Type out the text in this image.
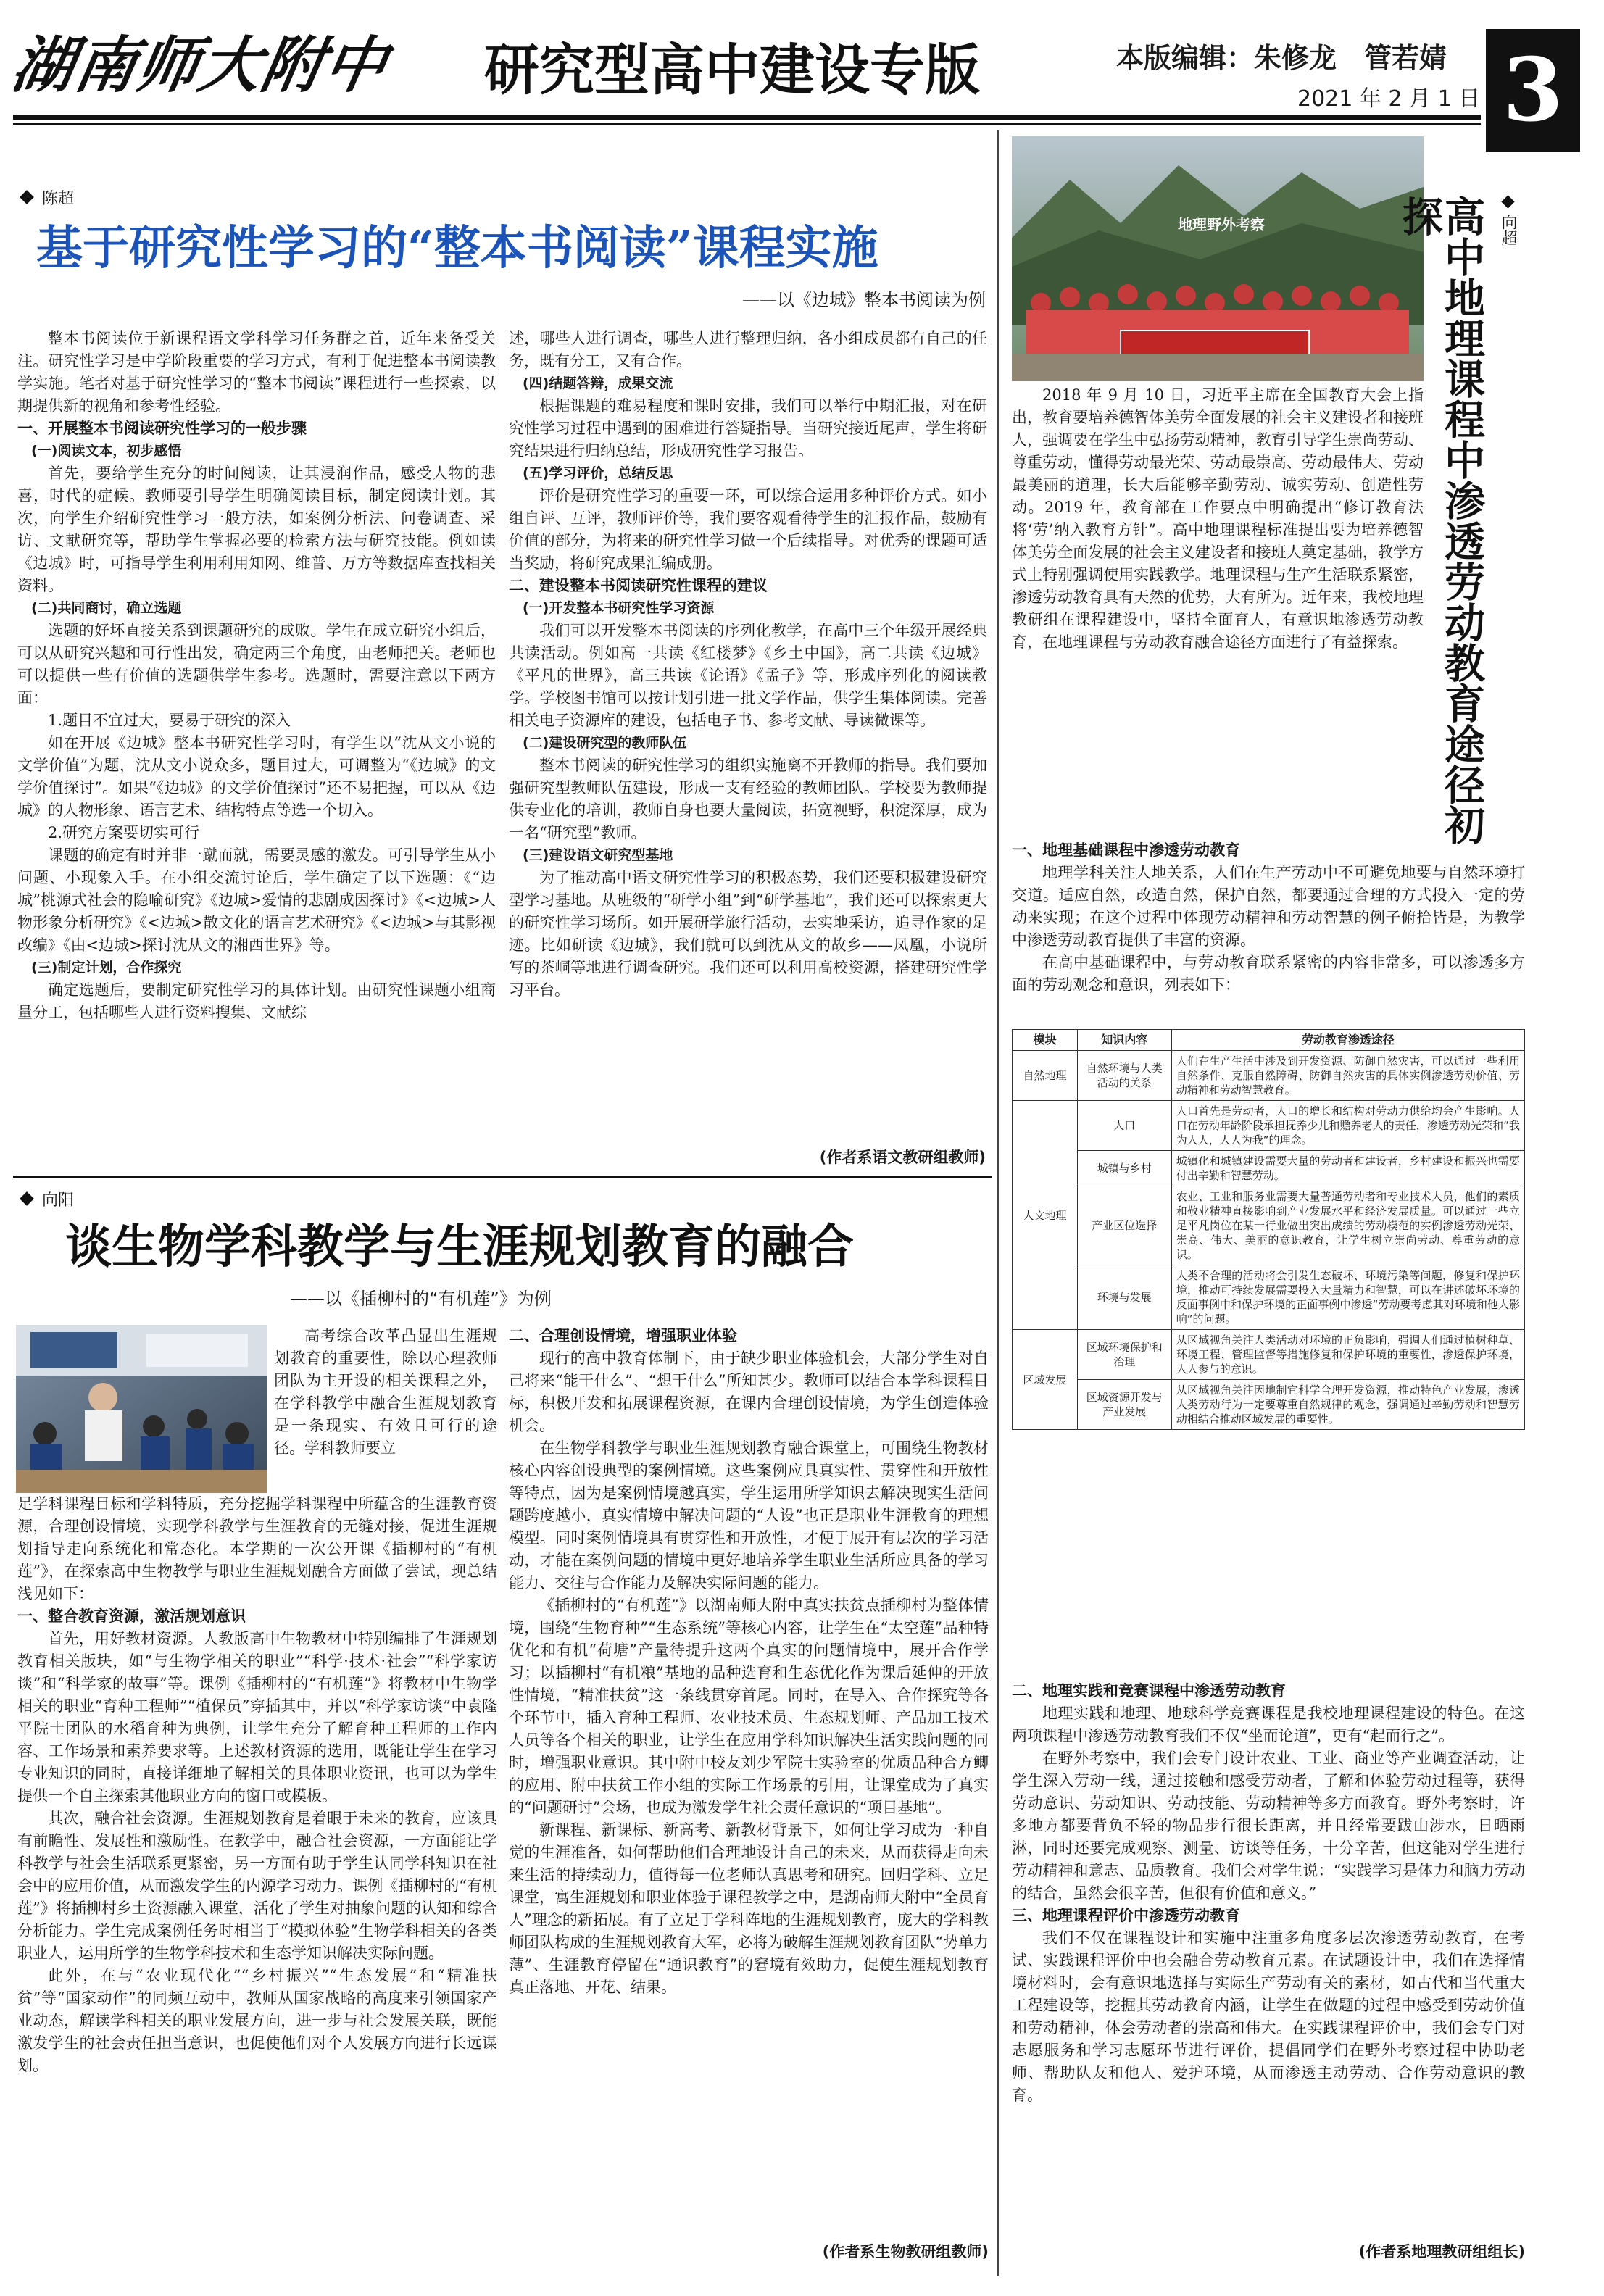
湖南师大附中	研究型高中建设专版	本版编辑：朱修龙　管若婧
2021 年 2 月 1 日 3
陈超
基于研究性学习的“整本书阅读”课程实施
——以《边城》整本书阅读为例

整本书阅读位于新课程语文学科学习任务群之首，近年来备受关注。研究性学习是中学阶段重要的学习方式，有利于促进整本书阅读教学实施。笔者对基于研究性学习的“整本书阅读”课程进行一些探索，以期提供新的视角和参考性经验。

一、开展整本书阅读研究性学习的一般步骤
(一)阅读文本，初步感悟

首先，要给学生充分的时间阅读，让其浸润作品，感受人物的悲喜，时代的症候。教师要引导学生明确阅读目标，制定阅读计划。其次，向学生介绍研究性学习一般方法，如案例分析法、问卷调查、采访、文献研究等，帮助学生掌握必要的检索方法与研究技能。例如读《边城》时，可指导学生利用利用知网、维普、万方等数据库查找相关资料。

(二)共同商讨，确立选题

选题的好坏直接关系到课题研究的成败。学生在成立研究小组后，可以从研究兴趣和可行性出发，确定两三个角度，由老师把关。老师也可以提供一些有价值的选题供学生参考。选题时，需要注意以下两方面：

1.题目不宜过大，要易于研究的深入

如在开展《边城》整本书研究性学习时，有学生以“沈从文小说的文学价值”为题，沈从文小说众多，题目过大，可调整为“《边城》的文学价值探讨”。如果“《边城》的文学价值探讨”还不易把握，可以从《边城》的人物形象、语言艺术、结构特点等选一个切入。

2.研究方案要切实可行

课题的确定有时并非一蹴而就，需要灵感的激发。可引导学生从小问题、小现象入手。在小组交流讨论后，学生确定了以下选题：《“边城”桃源式社会的隐喻研究》《边城>爱情的悲剧成因探讨》《<边城>人物形象分析研究》《<边城>散文化的语言艺术研究》《<边城>与其影视改编》《由<边城>探讨沈从文的湘西世界》等。

(三)制定计划，合作探究

确定选题后，要制定研究性学习的具体计划。由研究性课题小组商量分工，包括哪些人进行资料搜集、文献综

述，哪些人进行调查，哪些人进行整理归纳，各小组成员都有自己的任务，既有分工，又有合作。

(四)结题答辩，成果交流

根据课题的难易程度和课时安排，我们可以举行中期汇报，对在研究性学习过程中遇到的困难进行答疑指导。当研究接近尾声，学生将研究结果进行归纳总结，形成研究性学习报告。

(五)学习评价，总结反思

评价是研究性学习的重要一环，可以综合运用多种评价方式。如小组自评、互评，教师评价等，我们要客观看待学生的汇报作品，鼓励有价值的部分，为将来的研究性学习做一个后续指导。对优秀的课题可适当奖励，将研究成果汇编成册。

二、建设整本书阅读研究性课程的建议
(一)开发整本书研究性学习资源

我们可以开发整本书阅读的序列化教学，在高中三个年级开展经典共读活动。例如高一共读《红楼梦》《乡土中国》，高二共读《边城》《平凡的世界》，高三共读《论语》《孟子》等，形成序列化的阅读教学。学校图书馆可以按计划引进一批文学作品，供学生集体阅读。完善相关电子资源库的建设，包括电子书、参考文献、导读微课等。

(二)建设研究型的教师队伍

整本书阅读的研究性学习的组织实施离不开教师的指导。我们要加强研究型教师队伍建设，形成一支有经验的教师团队。学校要为教师提供专业化的培训，教师自身也要大量阅读，拓宽视野，积淀深厚，成为一名“研究型”教师。

(三)建设语文研究型基地

为了推动高中语文研究性学习的积极态势，我们还要积极建设研究型学习基地。从班级的“研学小组”到“研学基地”，我们还可以探索更大的研究性学习场所。如开展研学旅行活动，去实地采访，追寻作家的足迹。比如研读《边城》，我们就可以到沈从文的故乡——凤凰，小说所写的茶峒等地进行调查研究。我们还可以利用高校资源，搭建研究性学习平台。

(作者系语文教研组教师)
向阳
谈生物学科教学与生涯规划教育的融合
——以《插柳村的“有机莲”》为例

高考综合改革凸显出生涯规划教育的重要性，除以心理教师团队为主开设的相关课程之外，在学科教学中融合生涯规划教育是一条现实、有效且可行的途径。学科教师要立

足学科课程目标和学科特质，充分挖掘学科课程中所蕴含的生涯教育资源，合理创设情境，实现学科教学与生涯教育的无缝对接，促进生涯规划指导走向系统化和常态化。本学期的一次公开课《插柳村的“有机莲”》，在探索高中生物教学与职业生涯规划融合方面做了尝试，现总结浅见如下：

一、整合教育资源，激活规划意识

首先，用好教材资源。人教版高中生物教材中特别编排了生涯规划教育相关版块，如“与生物学相关的职业”“科学·技术·社会”“科学家访谈”和“科学家的故事”等。课例《插柳村的“有机莲”》将教材中生物学相关的职业“育种工程师”“植保员”穿插其中，并以“科学家访谈”中袁隆平院士团队的水稻育种为典例，让学生充分了解育种工程师的工作内容、工作场景和素养要求等。上述教材资源的选用，既能让学生在学习专业知识的同时，直接详细地了解相关的具体职业资讯，也可以为学生提供一个自主探索其他职业方向的窗口或模板。

其次，融合社会资源。生涯规划教育是着眼于未来的教育，应该具有前瞻性、发展性和激励性。在教学中，融合社会资源，一方面能让学科教学与社会生活联系更紧密，另一方面有助于学生认同学科知识在社会中的应用价值，从而激发学生的内源学习动力。课例《插柳村的“有机莲”》将插柳村乡土资源融入课堂，活化了学生对抽象问题的认知和综合分析能力。学生完成案例任务时相当于“模拟体验”生物学科相关的各类职业人，运用所学的生物学科技术和生态学知识解决实际问题。

此外，在与“农业现代化”“乡村振兴”“生态发展”和“精准扶贫”等“国家动作”的同频互动中，教师从国家战略的高度来引领国家产业动态，解读学科相关的职业发展方向，进一步与社会发展关联，既能激发学生的社会责任担当意识，也促使他们对个人发展方向进行长远谋划。

二、合理创设情境，增强职业体验

现行的高中教育体制下，由于缺少职业体验机会，大部分学生对自己将来“能干什么”、“想干什么”所知甚少。教师可以结合本学科课程目标，积极开发和拓展课程资源，在课内合理创设情境，为学生创造体验机会。

在生物学科教学与职业生涯规划教育融合课堂上，可围绕生物教材核心内容创设典型的案例情境。这些案例应具真实性、贯穿性和开放性等特点，因为是案例情境越真实，学生运用所学知识去解决现实生活问题跨度越小，真实情境中解决问题的“人设”也正是职业生涯教育的理想模型。同时案例情境具有贯穿性和开放性，才便于展开有层次的学习活动，才能在案例问题的情境中更好地培养学生职业生活所应具备的学习能力、交往与合作能力及解决实际问题的能力。

《插柳村的“有机莲”》以湖南师大附中真实扶贫点插柳村为整体情境，围绕“生物育种”“生态系统”等核心内容，让学生在“太空莲”品种特优化和有机“荷塘”产量待提升这两个真实的问题情境中，展开合作学习；以插柳村“有机粮”基地的品种选育和生态优化作为课后延伸的开放性情境，“精准扶贫”这一条线贯穿首尾。同时，在导入、合作探究等各个环节中，插入育种工程师、农业技术员、生态规划师、产品加工技术人员等各个相关的职业，让学生在应用学科知识解决生活实践问题的同时，增强职业意识。其中附中校友刘少军院士实验室的优质品种合方鲫的应用、附中扶贫工作小组的实际工作场景的引用，让课堂成为了真实的“问题研讨”会场，也成为激发学生社会责任意识的“项目基地”。

新课程、新课标、新高考、新教材背景下，如何让学习成为一种自觉的生涯准备，如何帮助他们合理地设计自己的未来，从而获得走向未来生活的持续动力，值得每一位老师认真思考和研究。回归学科、立足课堂，寓生涯规划和职业体验于课程教学之中，是湖南师大附中“全员育人”理念的新拓展。有了立足于学科阵地的生涯规划教育，庞大的学科教师团队构成的生涯规划教育大军，必将为破解生涯规划教育团队“势单力薄”、生涯教育停留在“通识教育”的窘境有效助力，促使生涯规划教育真正落地、开花、结果。

(作者系生物教研组教师)
地理野外考察	高中地理课程中渗透劳动教育途径初探	向超

2018 年 9 月 10 日，习近平主席在全国教育大会上指出，教育要培养德智体美劳全面发展的社会主义建设者和接班人，强调要在学生中弘扬劳动精神，教育引导学生崇尚劳动、尊重劳动，懂得劳动最光荣、劳动最崇高、劳动最伟大、劳动最美丽的道理，长大后能够辛勤劳动、诚实劳动、创造性劳动。2019 年，教育部在工作要点中明确提出“修订教育法将‘劳’纳入教育方针”。高中地理课程标准提出要为培养德智体美劳全面发展的社会主义建设者和接班人奠定基础，教学方式上特别强调使用实践教学。地理课程与生产生活联系紧密，渗透劳动教育具有天然的优势，大有所为。近年来，我校地理教研组在课程建设中，坚持全面育人，有意识地渗透劳动教育，在地理课程与劳动教育融合途径方面进行了有益探索。

一、地理基础课程中渗透劳动教育

地理学科关注人地关系，人们在生产劳动中不可避免地要与自然环境打交道。适应自然，改造自然，保护自然，都要通过合理的方式投入一定的劳动来实现；在这个过程中体现劳动精神和劳动智慧的例子俯拾皆是，为教学中渗透劳动教育提供了丰富的资源。

在高中基础课程中，与劳动教育联系紧密的内容非常多，可以渗透多方面的劳动观念和意识，列表如下：

模块	知识内容	劳动教育渗透途径
自然地理	自然环境与人类活动的关系	人们在生产生活中涉及到开发资源、防御自然灾害，可以通过一些利用自然条件、克服自然障碍、防御自然灾害的具体实例渗透劳动价值、劳动精神和劳动智慧教育。
人文地理	人口	人口首先是劳动者，人口的增长和结构对劳动力供给均会产生影响。人口在劳动年龄阶段承担抚养少儿和赡养老人的责任，渗透劳动光荣和“我为人人，人人为我”的理念。
	城镇与乡村	城镇化和城镇建设需要大量的劳动者和建设者，乡村建设和振兴也需要付出辛勤和智慧劳动。
	产业区位选择	农业、工业和服务业需要大量普通劳动者和专业技术人员，他们的素质和敬业精神直接影响到产业发展水平和经济发展质量。可以通过一些立足平凡岗位在某一行业做出突出成绩的劳动模范的实例渗透劳动光荣、崇高、伟大、美丽的意识教育，让学生树立崇尚劳动、尊重劳动的意识。
	环境与发展	人类不合理的活动将会引发生态破坏、环境污染等问题，修复和保护环境，推动可持续发展需要投入大量精力和智慧，可以在讲述破坏环境的反面事例中和保护环境的正面事例中渗透“劳动要考虑其对环境和他人影响”的问题。
区域发展	区域环境保护和治理	从区域视角关注人类活动对环境的正负影响，强调人们通过植树种草、环境工程、管理监督等措施修复和保护环境的重要性，渗透保护环境，人人参与的意识。
	区域资源开发与产业发展	从区域视角关注因地制宜科学合理开发资源，推动特色产业发展，渗透人类劳动行为一定要尊重自然规律的观念，强调通过辛勤劳动和智慧劳动相结合推动区域发展的重要性。
二、地理实践和竞赛课程中渗透劳动教育

地理实践和地理、地球科学竞赛课程是我校地理课程建设的特色。在这两项课程中渗透劳动教育我们不仅“坐而论道”，更有“起而行之”。

在野外考察中，我们会专门设计农业、工业、商业等产业调查活动，让学生深入劳动一线，通过接触和感受劳动者，了解和体验劳动过程等，获得劳动意识、劳动知识、劳动技能、劳动精神等多方面教育。野外考察时，许多地方都要背负不轻的物品步行很长距离，并且经常要跋山涉水，日晒雨淋，同时还要完成观察、测量、访谈等任务，十分辛苦，但这能对学生进行劳动精神和意志、品质教育。我们会对学生说：“实践学习是体力和脑力劳动的结合，虽然会很辛苦，但很有价值和意义。”

三、地理课程评价中渗透劳动教育

我们不仅在课程设计和实施中注重多角度多层次渗透劳动教育，在考试、实践课程评价中也会融合劳动教育元素。在试题设计中，我们在选择情境材料时，会有意识地选择与实际生产劳动有关的素材，如古代和当代重大工程建设等，挖掘其劳动教育内涵，让学生在做题的过程中感受到劳动价值和劳动精神，体会劳动者的崇高和伟大。在实践课程评价中，我们会专门对志愿服务和学习志愿环节进行评价，提倡同学们在野外考察过程中协助老师、帮助队友和他人、爱护环境，从而渗透主动劳动、合作劳动意识的教育。

(作者系地理教研组组长)
